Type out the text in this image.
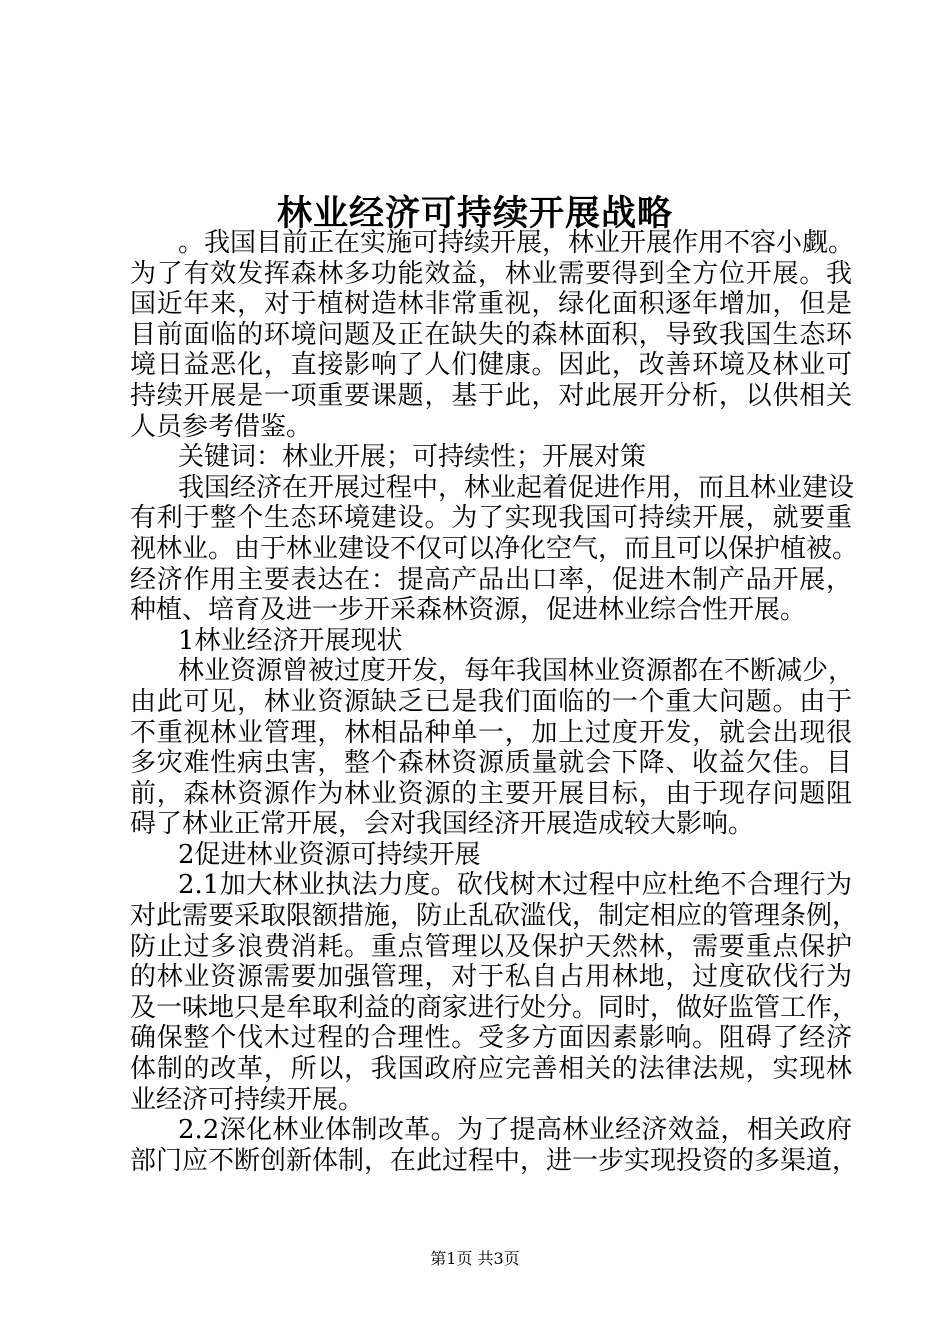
林业经济可持续开展战略
。我国目前正在实施可持续开展，林业开展作用不容小觑。
为了有效发挥森林多功能效益，林业需要得到全方位开展。我
国近年来，对于植树造林非常重视，绿化面积逐年增加，但是
目前面临的环境问题及正在缺失的森林面积，导致我国生态环
境日益恶化，直接影响了人们健康。因此，改善环境及林业可
持续开展是一项重要课题，基于此，对此展开分析，以供相关
人员参考借鉴。
关键词：林业开展；可持续性；开展对策
我国经济在开展过程中，林业起着促进作用，而且林业建设
有利于整个生态环境建设。为了实现我国可持续开展，就要重
视林业。由于林业建设不仅可以净化空气，而且可以保护植被。
经济作用主要表达在：提高产品出口率，促进木制产品开展，
种植、培育及进一步开采森林资源，促进林业综合性开展。
1林业经济开展现状
林业资源曾被过度开发，每年我国林业资源都在不断减少，
由此可见，林业资源缺乏已是我们面临的一个重大问题。由于
不重视林业管理，林相品种单一，加上过度开发，就会出现很
多灾难性病虫害，整个森林资源质量就会下降、收益欠佳。目
前，森林资源作为林业资源的主要开展目标，由于现存问题阻
碍了林业正常开展，会对我国经济开展造成较大影响。
2促进林业资源可持续开展
2.1加大林业执法力度。砍伐树木过程中应杜绝不合理行为
对此需要采取限额措施，防止乱砍滥伐，制定相应的管理条例，
防止过多浪费消耗。重点管理以及保护天然林，需要重点保护
的林业资源需要加强管理，对于私自占用林地，过度砍伐行为
及一味地只是牟取利益的商家进行处分。同时，做好监管工作，
确保整个伐木过程的合理性。受多方面因素影响。阻碍了经济
体制的改革，所以，我国政府应完善相关的法律法规，实现林
业经济可持续开展。
2.2深化林业体制改革。为了提高林业经济效益，相关政府
部门应不断创新体制，在此过程中，进一步实现投资的多渠道，
第1页 共3页
